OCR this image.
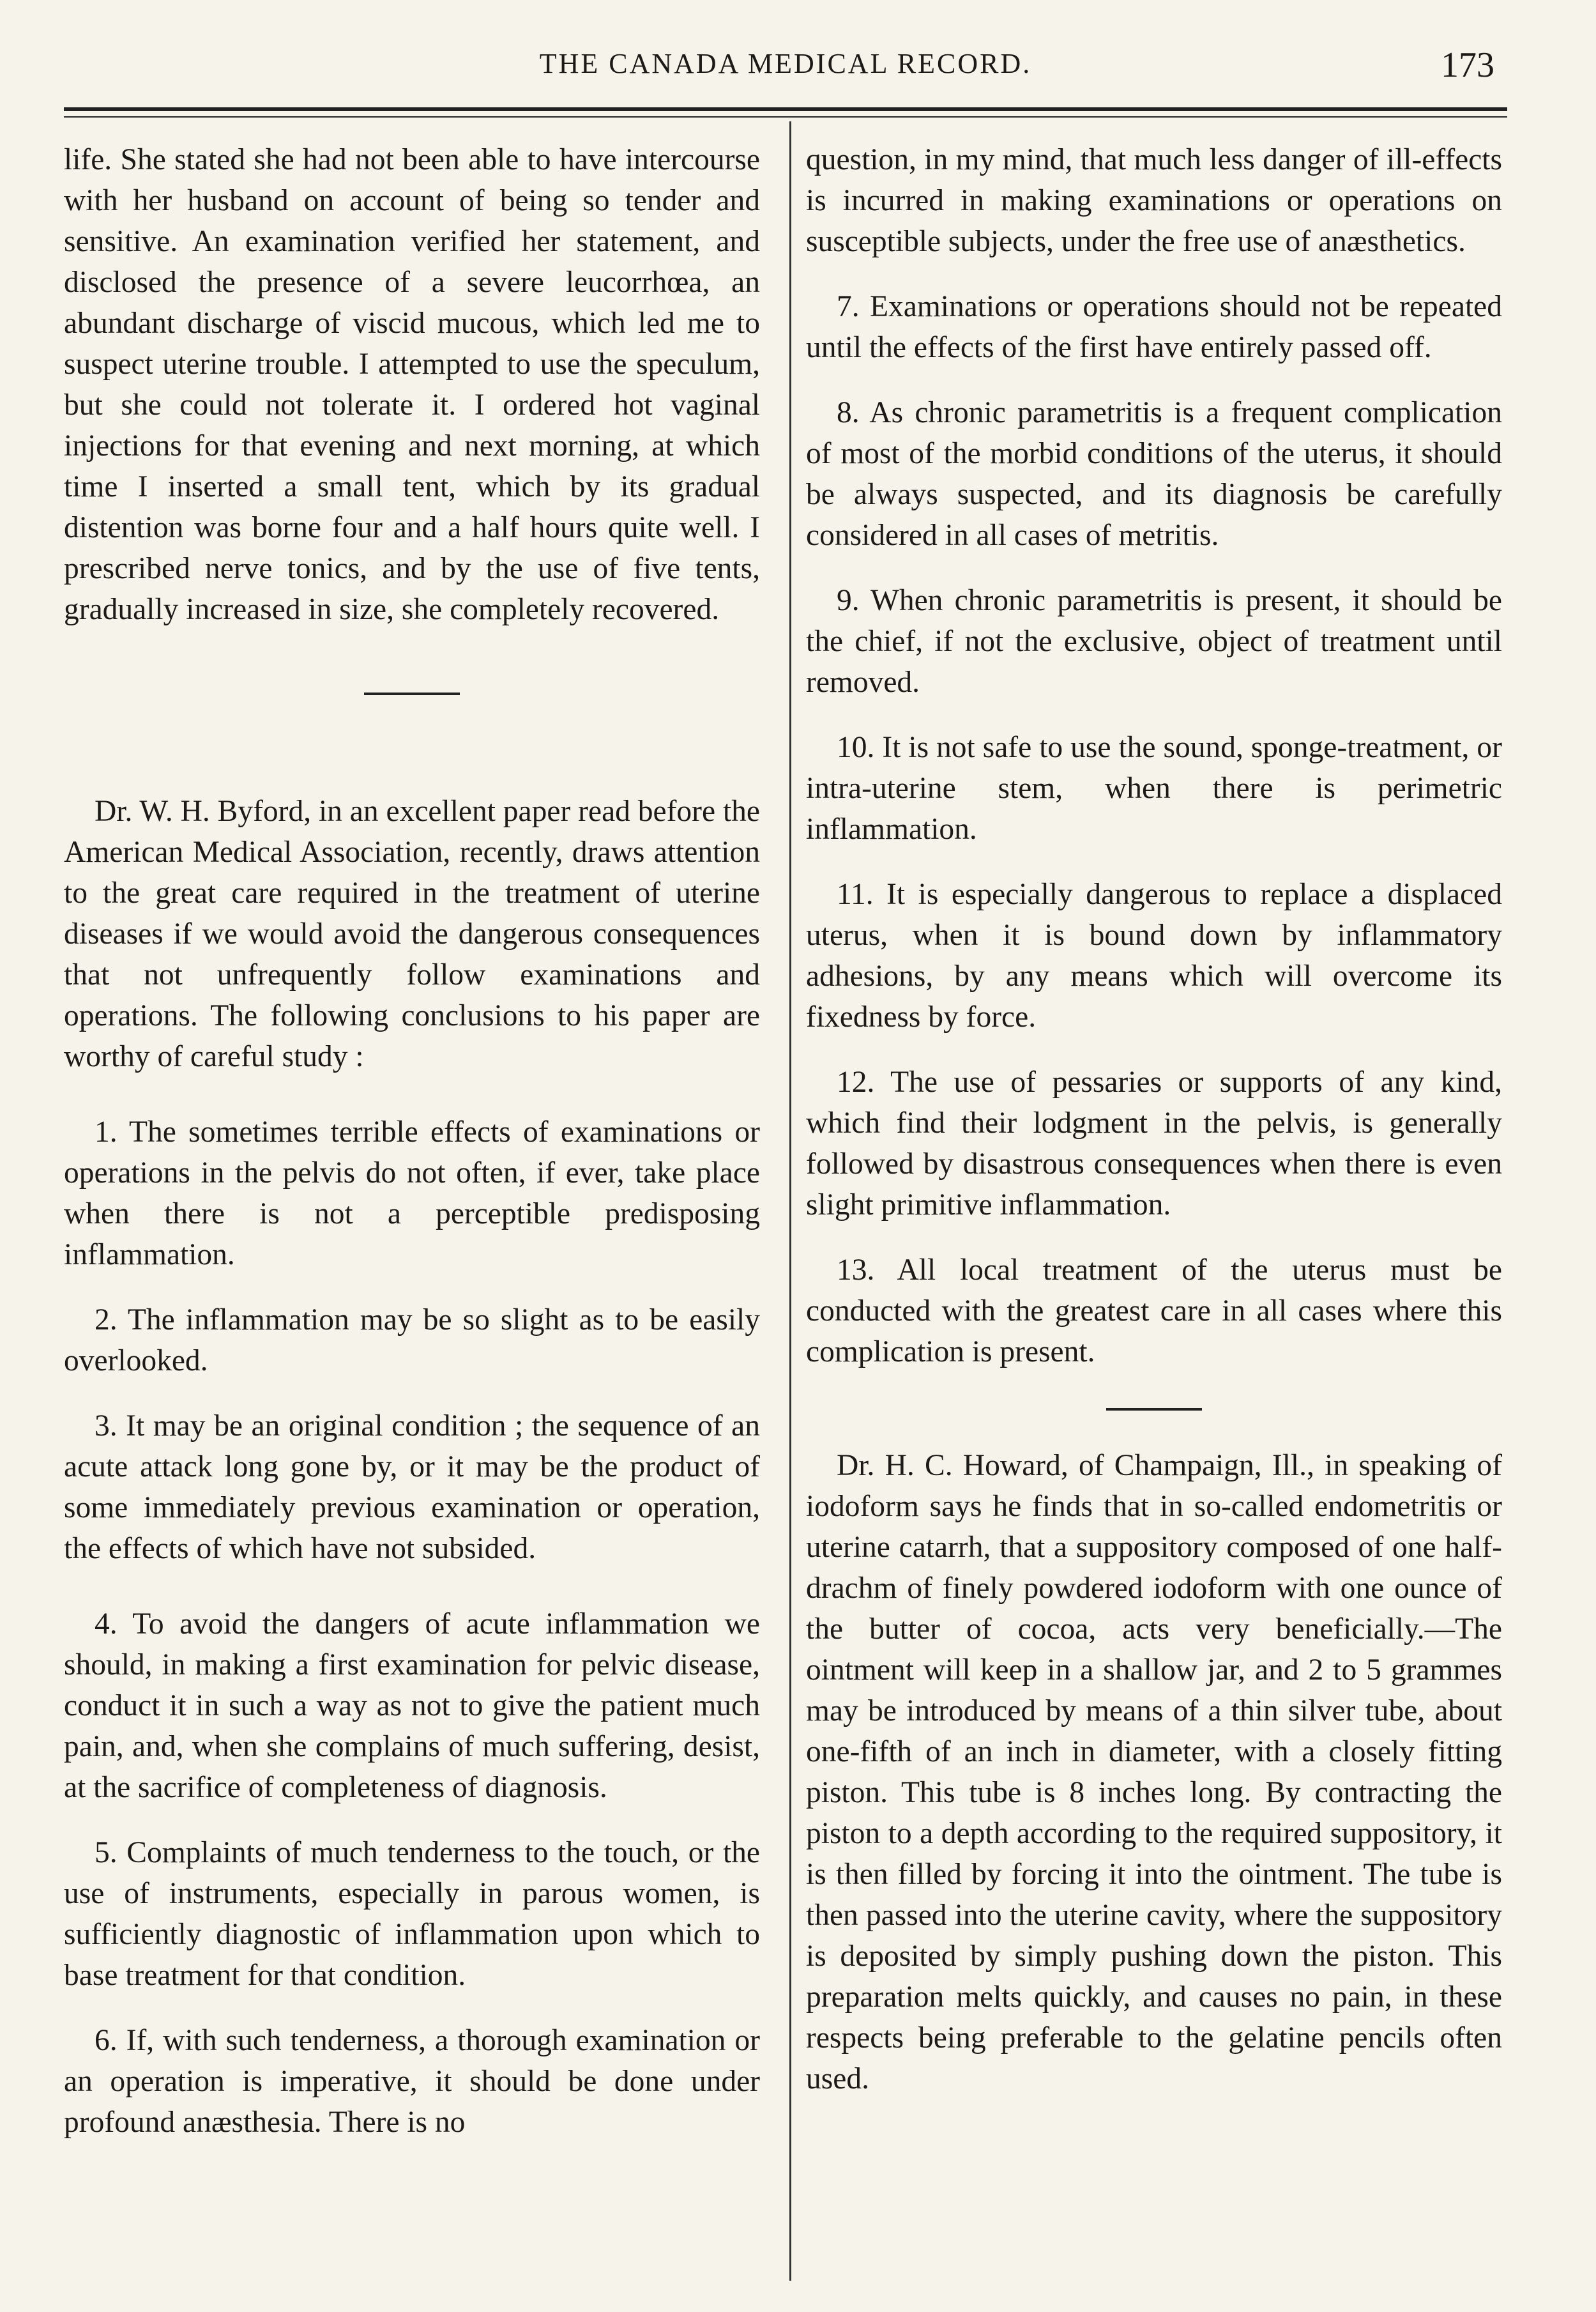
THE CANADA MEDICAL RECORD.	173

life. She stated she had not been able to have intercourse with her husband on account of being so tender and sensitive. An examination verified her statement, and disclosed the presence of a severe leucorrhœa, an abundant discharge of viscid mucous, which led me to suspect uterine trouble. I attempted to use the speculum, but she could not tolerate it. I ordered hot vaginal injections for that evening and next morning, at which time I inserted a small tent, which by its gradual distention was borne four and a half hours quite well. I prescribed nerve tonics, and by the use of five tents, gradually increased in size, she completely recovered.

Dr. W. H. Byford, in an excellent paper read before the American Medical Association, recently, draws attention to the great care required in the treatment of uterine diseases if we would avoid the dangerous consequences that not unfrequently follow examinations and operations. The following conclusions to his paper are worthy of careful study :

1. The sometimes terrible effects of examinations or operations in the pelvis do not often, if ever, take place when there is not a perceptible predisposing inflammation.

2. The inflammation may be so slight as to be easily overlooked.

3. It may be an original condition ; the sequence of an acute attack long gone by, or it may be the product of some immediately previous examination or operation, the effects of which have not subsided.

4. To avoid the dangers of acute inflammation we should, in making a first examination for pelvic disease, conduct it in such a way as not to give the patient much pain, and, when she complains of much suffering, desist, at the sacrifice of completeness of diagnosis.

5. Complaints of much tenderness to the touch, or the use of instruments, especially in parous women, is sufficiently diagnostic of inflammation upon which to base treatment for that condition.

6. If, with such tenderness, a thorough examination or an operation is imperative, it should be done under profound anæsthesia. There is no

question, in my mind, that much less danger of ill-effects is incurred in making examinations or operations on susceptible subjects, under the free use of anæsthetics.

7. Examinations or operations should not be repeated until the effects of the first have entirely passed off.

8. As chronic parametritis is a frequent complication of most of the morbid conditions of the uterus, it should be always suspected, and its diagnosis be carefully considered in all cases of metritis.

9. When chronic parametritis is present, it should be the chief, if not the exclusive, object of treatment until removed.

10. It is not safe to use the sound, sponge-treatment, or intra-uterine stem, when there is perimetric inflammation.

11. It is especially dangerous to replace a displaced uterus, when it is bound down by inflammatory adhesions, by any means which will overcome its fixedness by force.

12. The use of pessaries or supports of any kind, which find their lodgment in the pelvis, is generally followed by disastrous consequences when there is even slight primitive inflammation.

13. All local treatment of the uterus must be conducted with the greatest care in all cases where this complication is present.

Dr. H. C. Howard, of Champaign, Ill., in speaking of iodoform says he finds that in so-called endometritis or uterine catarrh, that a suppository composed of one half-drachm of finely powdered iodoform with one ounce of the butter of cocoa, acts very beneficially.—The ointment will keep in a shallow jar, and 2 to 5 grammes may be introduced by means of a thin silver tube, about one-fifth of an inch in diameter, with a closely fitting piston. This tube is 8 inches long. By contracting the piston to a depth according to the required suppository, it is then filled by forcing it into the ointment. The tube is then passed into the uterine cavity, where the suppository is deposited by simply pushing down the piston. This preparation melts quickly, and causes no pain, in these respects being preferable to the gelatine pencils often used.
